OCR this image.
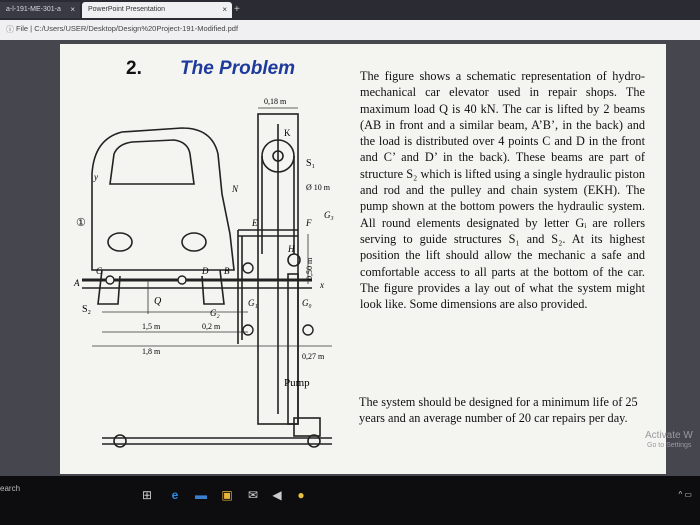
a-l-191-ME-301-a ×	PowerPoint Presentation	× +
ⓘ File | C:/Users/USER/Desktop/Design%20Project-191-Modified.pdf
2. The Problem
0,18 m
K
S₁
Ø 10 m
N
G₃
E	F
①
0,50 m
H
y
x
A
C	D B
S₂
Q
G₂
G₁	G₀
1,5 m	0,2 m
1,8 m
0,27 m
Pump
The figure shows a schematic representation of hydro-mechanical car elevator used in repair shops. The maximum load Q is 40 kN. The car is lifted by 2 beams (AB in front and a similar beam, A’B’, in the back) and the load is distributed over 4 points C and D in the front and C’ and D’ in the back). These beams are part of structure S₂ which is lifted using a single hydraulic piston and rod and the pulley and chain system (EKH). The pump shown at the bottom powers the hydraulic system. All round elements designated by letter Gᵢ are rollers serving to guide structures S₁ and S₂. At its highest position the lift should allow the mechanic a safe and comfortable access to all parts at the bottom of the car. The figure provides a lay out of what the system might look like. Some dimensions are also provided.
The system should be designed for a minimum life of 25 years and an average number of 20 car repairs per day.
Activate W
Go to Settings
earch	⊞	e	▬ ▣ ✉ ◀ ●	^ ▭
